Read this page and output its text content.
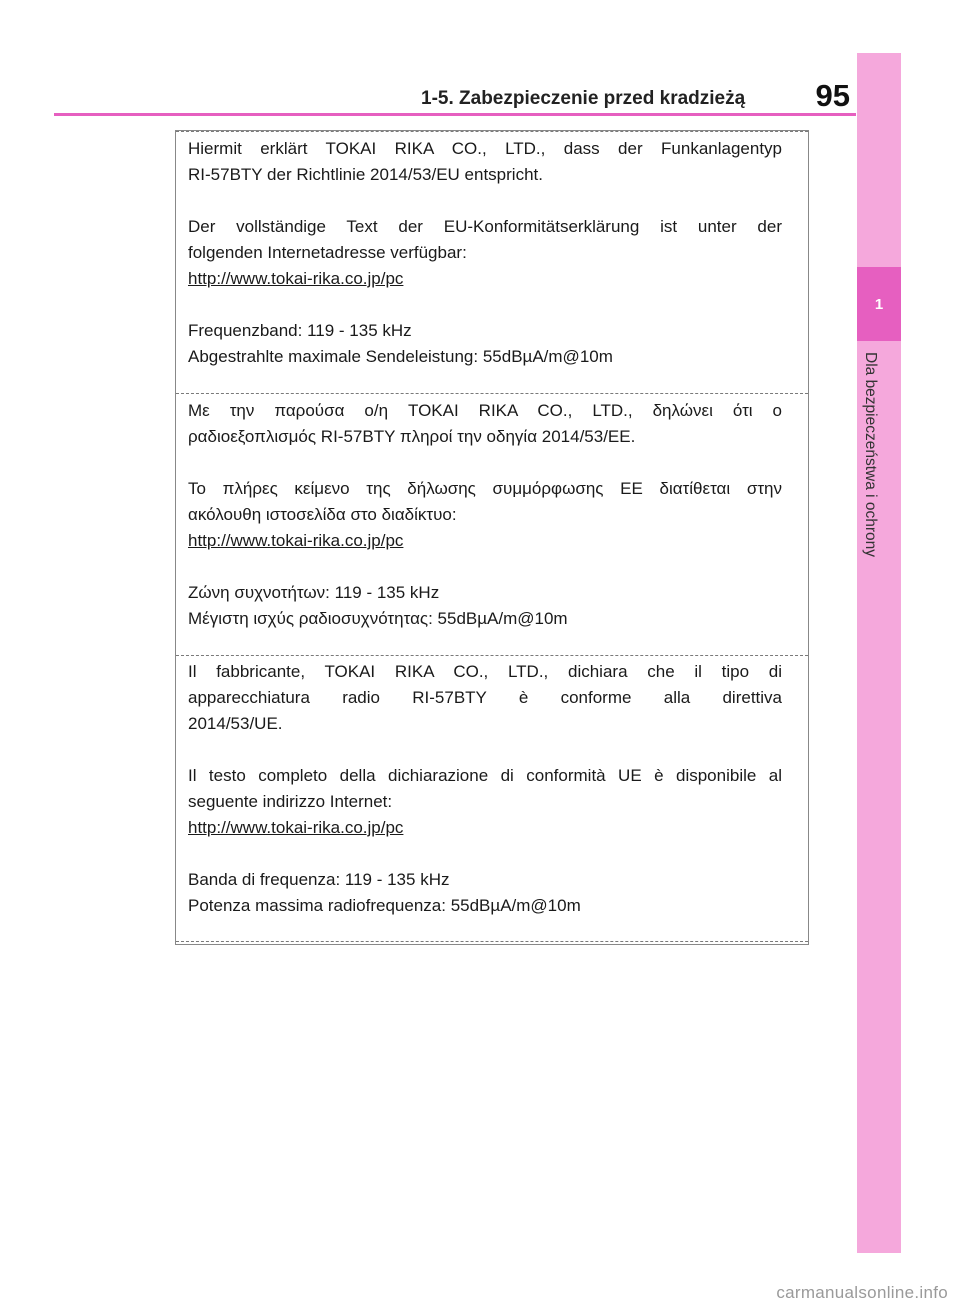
1-5. Zabezpieczenie przed kradzieżą 95
1
Dla bezpieczeństwa i ochrony
Hiermit erklärt TOKAI RIKA CO., LTD., dass der Funkanlagentyp
RI-57BTY der Richtlinie 2014/53/EU entspricht.
Der vollständige Text der EU-Konformitätserklärung ist unter der
folgenden Internetadresse verfügbar:
http://www.tokai-rika.co.jp/pc
Frequenzband: 119 - 135 kHz
Abgestrahlte maximale Sendeleistung: 55dBµA/m@10m
Με την παρούσα ο/η TOKAI RIKA CO., LTD., δηλώνει ότι ο
ραδιοεξοπλισμός RI-57BTY πληροί την οδηγία 2014/53/ΕΕ.
Το πλήρες κείμενο της δήλωσης συμμόρφωσης ΕΕ διατίθεται στην
ακόλουθη ιστοσελίδα στο διαδίκτυο:
http://www.tokai-rika.co.jp/pc
Ζώνη συχνοτήτων: 119 - 135 kHz
Μέγιστη ισχύς ραδιοσυχνότητας: 55dBµA/m@10m
Il fabbricante, TOKAI RIKA CO., LTD., dichiara che il tipo di
apparecchiatura radio RI-57BTY è conforme alla direttiva
2014/53/UE.
Il testo completo della dichiarazione di conformità UE è disponibile al
seguente indirizzo Internet:
http://www.tokai-rika.co.jp/pc
Banda di frequenza: 119 - 135 kHz
Potenza massima radiofrequenza: 55dBµA/m@10m
carmanualsonline.info
